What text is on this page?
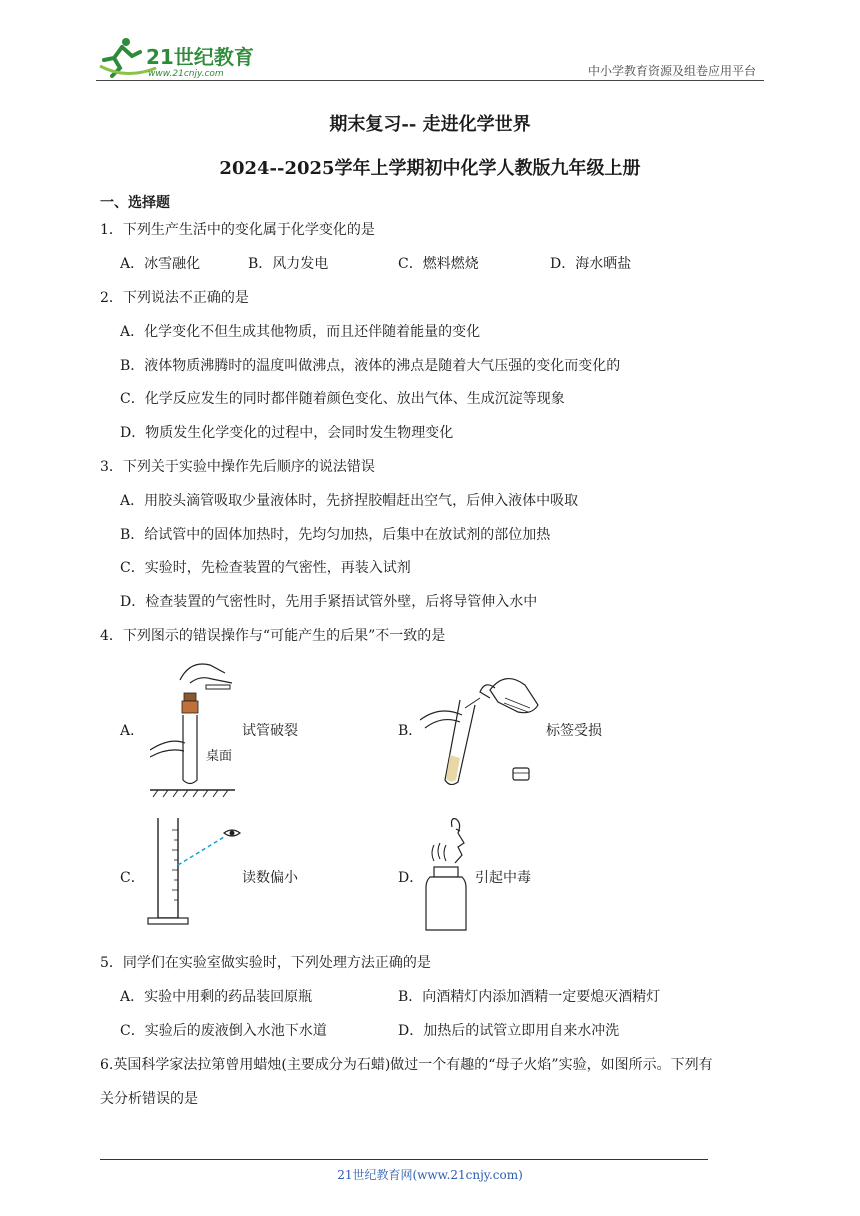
21世纪教育
www.21cnjy.com	中小学教育资源及组卷应用平台
期末复习-- 走进化学世界
2024--2025学年上学期初中化学人教版九年级上册
一、选择题
1．下列生产生活中的变化属于化学变化的是
A．冰雪融化	B．风力发电	C．燃料燃烧	D．海水晒盐
2．下列说法不正确的是
A．化学变化不但生成其他物质，而且还伴随着能量的变化
B．液体物质沸腾时的温度叫做沸点，液体的沸点是随着大气压强的变化而变化的
C．化学反应发生的同时都伴随着颜色变化、放出气体、生成沉淀等现象
D．物质发生化学变化的过程中，会同时发生物理变化
3．下列关于实验中操作先后顺序的说法错误
A．用胶头滴管吸取少量液体时，先挤捏胶帽赶出空气，后伸入液体中吸取
B．给试管中的固体加热时，先均匀加热，后集中在放试剂的部位加热
C．实验时，先检查装置的气密性，再装入试剂
D．检查装置的气密性时，先用手紧捂试管外壁，后将导管伸入水中
4．下列图示的错误操作与“可能产生的后果”不一致的是
A．
桌面
试管破裂	B．	标签受损
C．	读数偏小	D．	引起中毒
5．同学们在实验室做实验时，下列处理方法正确的是
A．实验中用剩的药品装回原瓶	B．向酒精灯内添加酒精一定要熄灭酒精灯
C．实验后的废液倒入水池下水道	D．加热后的试管立即用自来水冲洗
6.英国科学家法拉第曾用蜡烛(主要成分为石蜡)做过一个有趣的“母子火焰”实验，如图所示。下列有
关分析错误的是
21世纪教育网(www.21cnjy.com)
